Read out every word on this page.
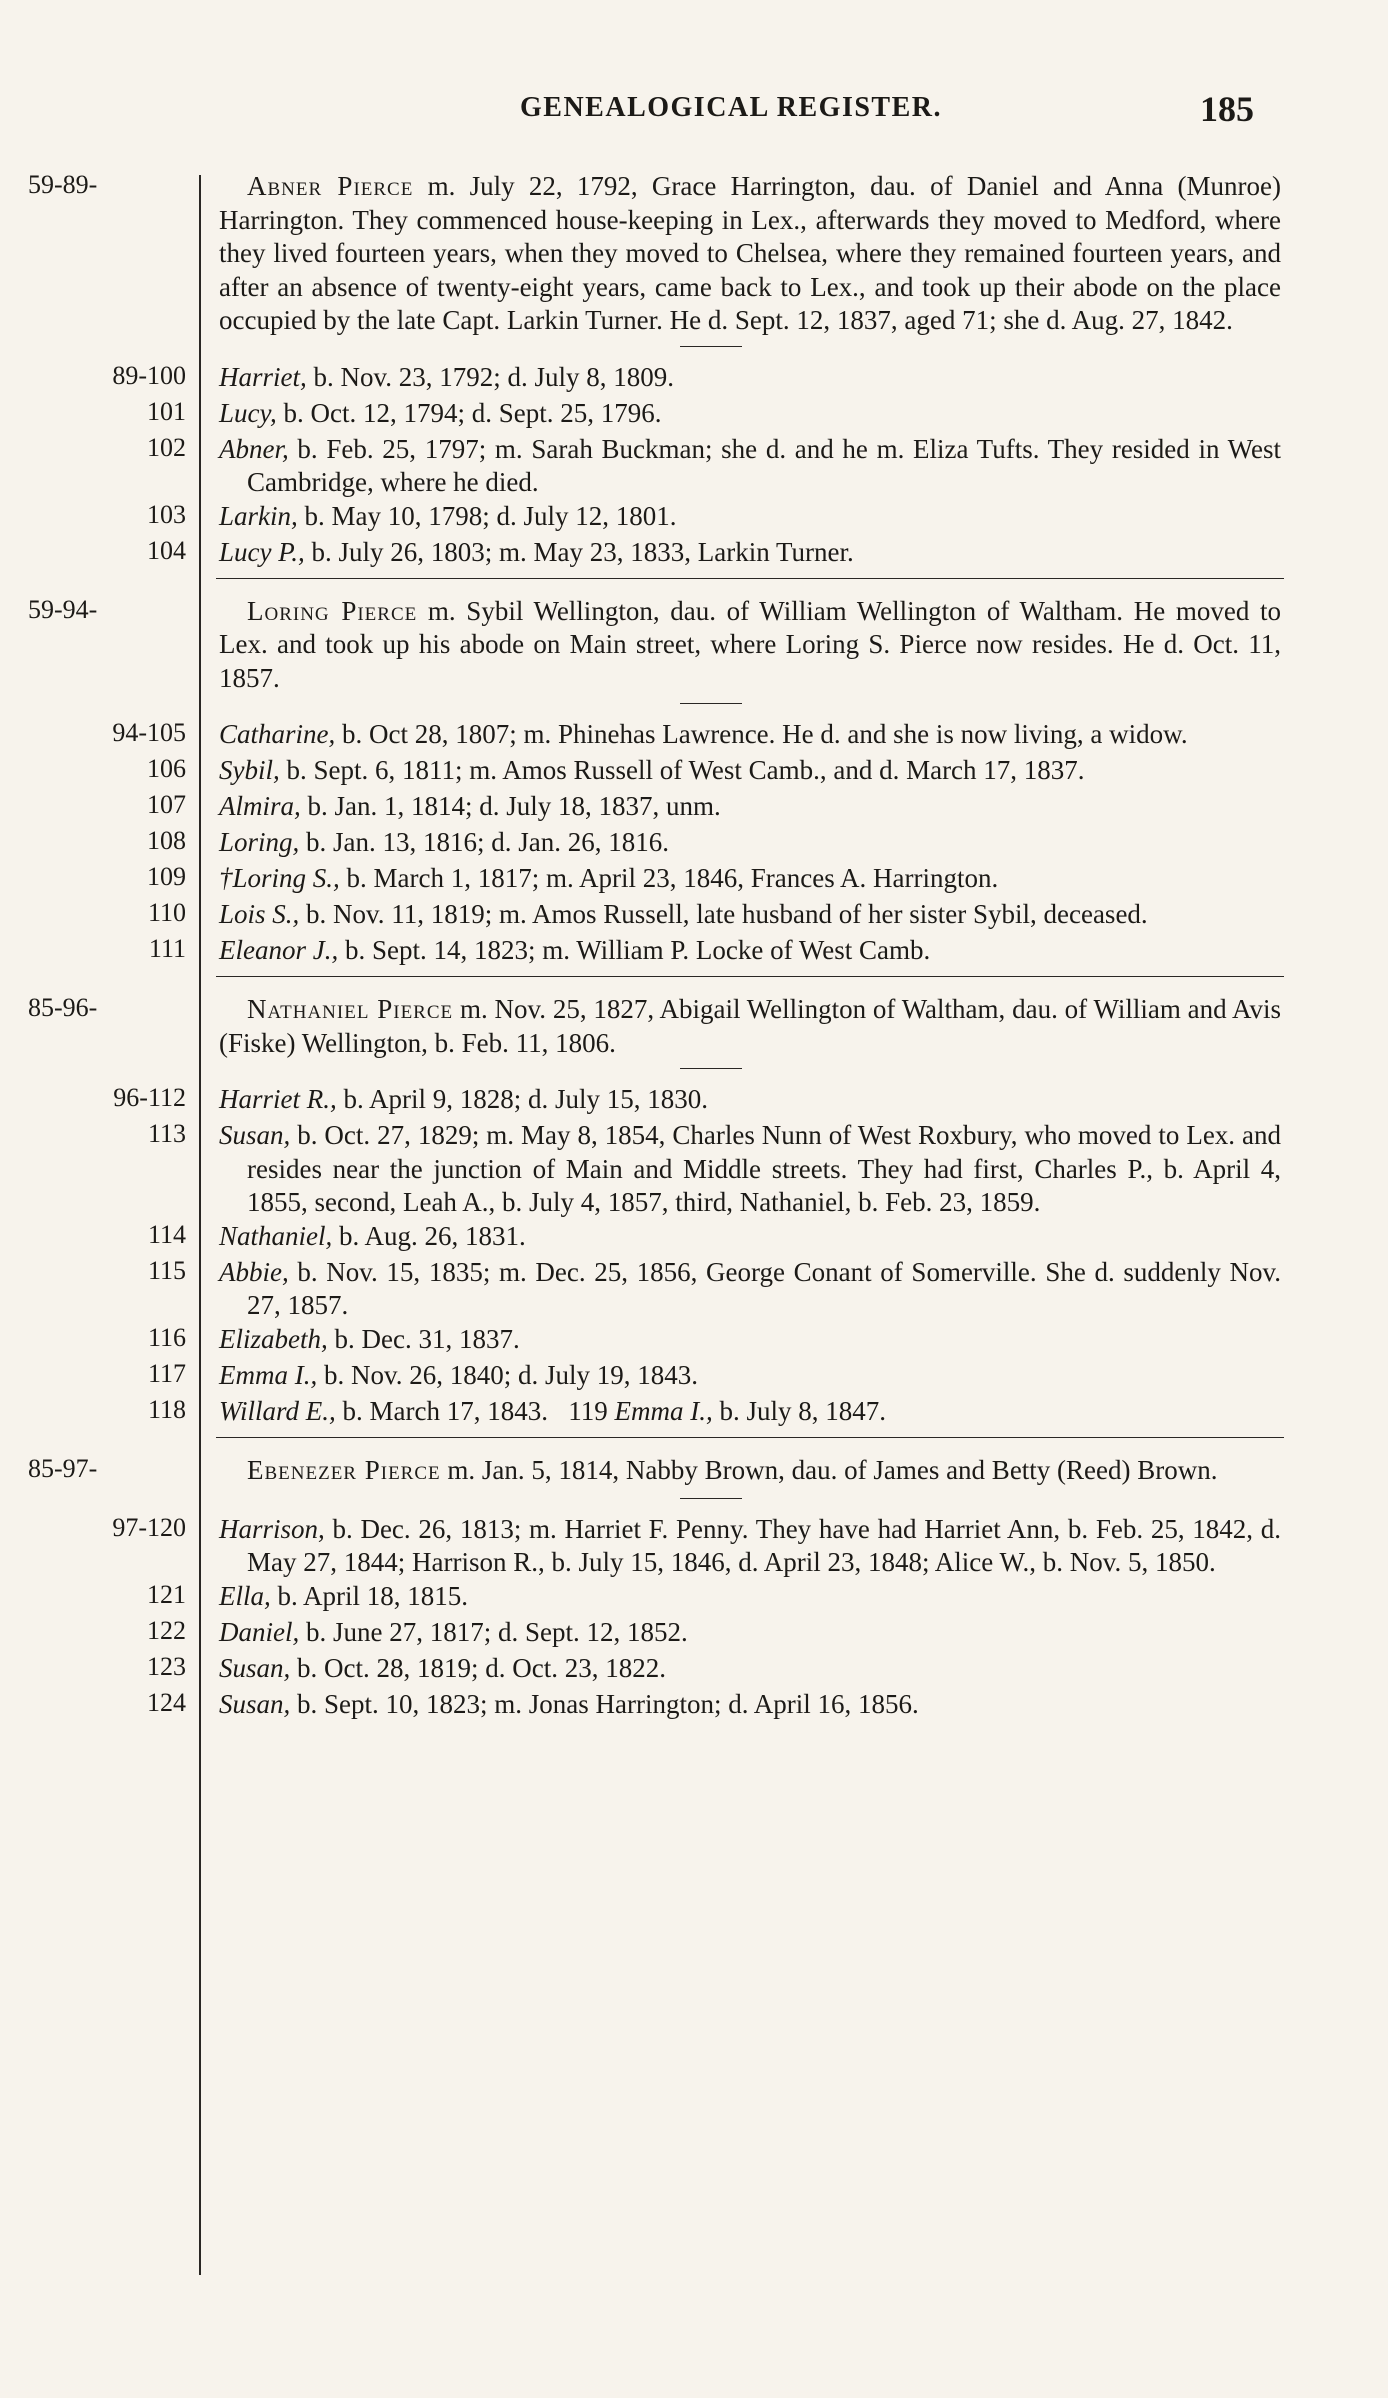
GENEALOGICAL REGISTER.	185
59-89-	Abner Pierce m. July 22, 1792, Grace Harrington, dau. of Daniel and Anna (Munroe) Harrington. They commenced house-keeping in Lex., afterwards they moved to Medford, where they lived fourteen years, when they moved to Chelsea, where they remained fourteen years, and after an absence of twenty-eight years, came back to Lex., and took up their abode on the place occupied by the late Capt. Larkin Turner. He d. Sept. 12, 1837, aged 71; she d. Aug. 27, 1842.
89-100 Harriet, b. Nov. 23, 1792; d. July 8, 1809.
101 Lucy, b. Oct. 12, 1794; d. Sept. 25, 1796.
102 Abner, b. Feb. 25, 1797; m. Sarah Buckman; she d. and he m. Eliza Tufts. They resided in West Cambridge, where he died.
103 Larkin, b. May 10, 1798; d. July 12, 1801.
104 Lucy P., b. July 26, 1803; m. May 23, 1833, Larkin Turner.
59-94-	Loring Pierce m. Sybil Wellington, dau. of William Wellington of Waltham. He moved to Lex. and took up his abode on Main street, where Loring S. Pierce now resides. He d. Oct. 11, 1857.
94-105 Catharine, b. Oct 28, 1807; m. Phinehas Lawrence. He d. and she is now living, a widow.
106 Sybil, b. Sept. 6, 1811; m. Amos Russell of West Camb., and d. March 17, 1837.
107 Almira, b. Jan. 1, 1814; d. July 18, 1837, unm.
108 Loring, b. Jan. 13, 1816; d. Jan. 26, 1816.
109 †Loring S., b. March 1, 1817; m. April 23, 1846, Frances A. Harrington.
110 Lois S., b. Nov. 11, 1819; m. Amos Russell, late husband of her sister Sybil, deceased.
111 Eleanor J., b. Sept. 14, 1823; m. William P. Locke of West Camb.
85-96-	Nathaniel Pierce m. Nov. 25, 1827, Abigail Wellington of Waltham, dau. of William and Avis (Fiske) Wellington, b. Feb. 11, 1806.
96-112 Harriet R., b. April 9, 1828; d. July 15, 1830.
113 Susan, b. Oct. 27, 1829; m. May 8, 1854, Charles Nunn of West Roxbury, who moved to Lex. and resides near the junction of Main and Middle streets. They had first, Charles P., b. April 4, 1855, second, Leah A., b. July 4, 1857, third, Nathaniel, b. Feb. 23, 1859.
114 Nathaniel, b. Aug. 26, 1831.
115 Abbie, b. Nov. 15, 1835; m. Dec. 25, 1856, George Conant of Somerville. She d. suddenly Nov. 27, 1857.
116 Elizabeth, b. Dec. 31, 1837.
117 Emma I., b. Nov. 26, 1840; d. July 19, 1843.
118 Willard E., b. March 17, 1843. 119 Emma I., b. July 8, 1847.
85-97-	Ebenezer Pierce m. Jan. 5, 1814, Nabby Brown, dau. of James and Betty (Reed) Brown.
97-120 Harrison, b. Dec. 26, 1813; m. Harriet F. Penny. They have had Harriet Ann, b. Feb. 25, 1842, d. May 27, 1844; Harrison R., b. July 15, 1846, d. April 23, 1848; Alice W., b. Nov. 5, 1850.
121 Ella, b. April 18, 1815.
122 Daniel, b. June 27, 1817; d. Sept. 12, 1852.
123 Susan, b. Oct. 28, 1819; d. Oct. 23, 1822.
124 Susan, b. Sept. 10, 1823; m. Jonas Harrington; d. April 16, 1856.
